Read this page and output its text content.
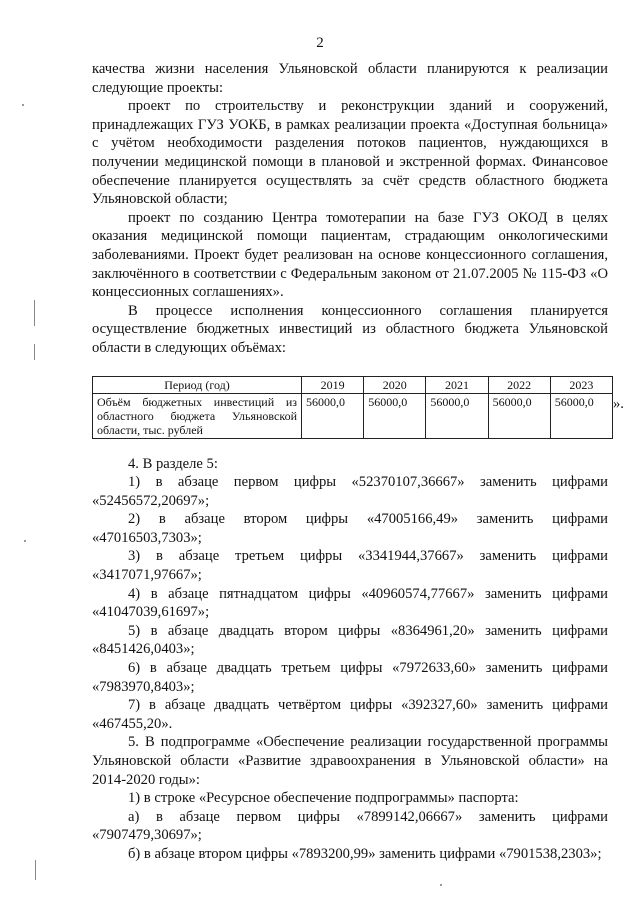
2

качества жизни населения Ульяновской области планируются к реализации следующие проекты:

проект по строительству и реконструкции зданий и сооружений, принадлежащих ГУЗ УОКБ, в рамках реализации проекта «Доступная больница» с учётом необходимости разделения потоков пациентов, нуждающихся в получении медицинской помощи в плановой и экстренной формах. Финансовое обеспечение планируется осуществлять за счёт средств областного бюджета Ульяновской области;

проект по созданию Центра томотерапии на базе ГУЗ ОКОД в целях оказания медицинской помощи пациентам, страдающим онкологическими заболеваниями. Проект будет реализован на основе концессионного соглашения, заключённого в соответствии с Федеральным законом от 21.07.2005 № 115-ФЗ «О концессионных соглашениях».

В процессе исполнения концессионного соглашения планируется осуществление бюджетных инвестиций из областного бюджета Ульяновской области в следующих объёмах:

Период (год)	2019	2020	2021	2022	2023
Объём бюджетных инвестиций из областного бюджета Ульяновской области, тыс. рублей	56000,0	56000,0	56000,0	56000,0	56000,0

4. В разделе 5:

1) в абзаце первом цифры «52370107,36667» заменить цифрами «52456572,20697»;

2) в абзаце втором цифры «47005166,49» заменить цифрами «47016503,7303»;

3) в абзаце третьем цифры «3341944,37667» заменить цифрами «3417071,97667»;

4) в абзаце пятнадцатом цифры «40960574,77667» заменить цифрами «41047039,61697»;

5) в абзаце двадцать втором цифры «8364961,20» заменить цифрами «8451426,0403»;

6) в абзаце двадцать третьем цифры «7972633,60» заменить цифрами «7983970,8403»;

7) в абзаце двадцать четвёртом цифры «392327,60» заменить цифрами «467455,20».

5. В подпрограмме «Обеспечение реализации государственной программы Ульяновской области «Развитие здравоохранения в Ульяновской области» на 2014-2020 годы»:

1) в строке «Ресурсное обеспечение подпрограммы» паспорта:

а) в абзаце первом цифры «7899142,06667» заменить цифрами «7907479,30697»;

б) в абзаце втором цифры «7893200,99» заменить цифрами «7901538,2303»;

».
